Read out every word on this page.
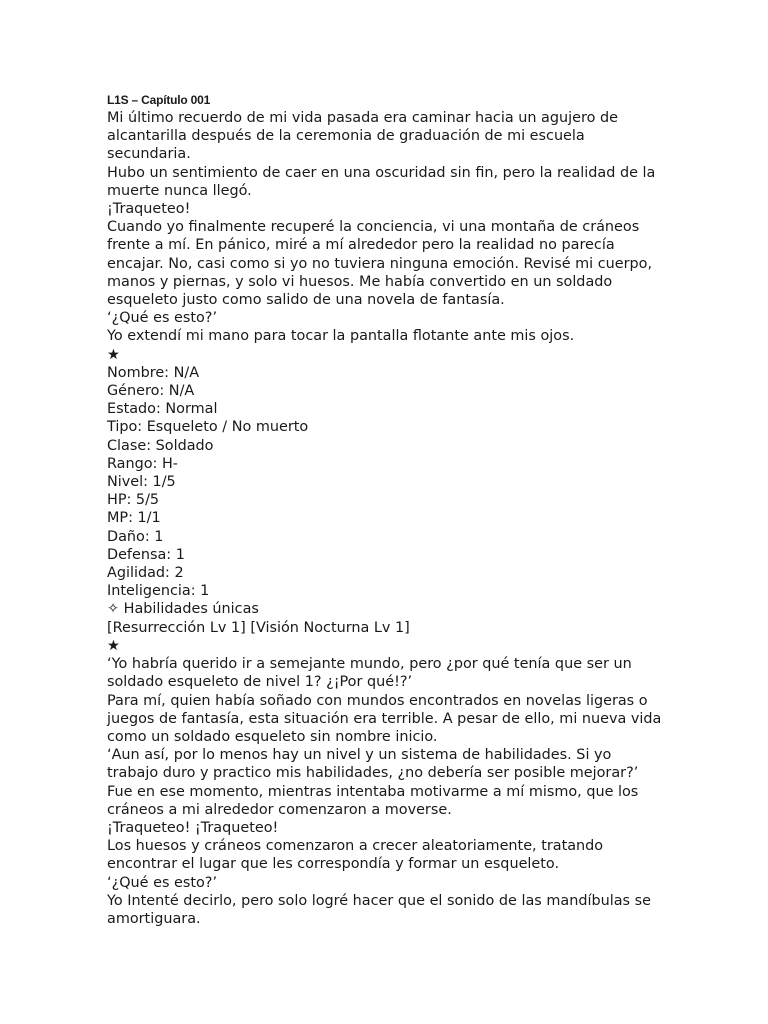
L1S – Capítulo 001

Mi último recuerdo de mi vida pasada era caminar hacia un agujero de alcantarilla después de la ceremonia de graduación de mi escuela secundaria.

Hubo un sentimiento de caer en una oscuridad sin fin, pero la realidad de la muerte nunca llegó.

¡Traqueteo!

Cuando yo finalmente recuperé la conciencia, vi una montaña de cráneos frente a mí. En pánico, miré a mí alrededor pero la realidad no parecía encajar. No, casi como si yo no tuviera ninguna emoción. Revisé mi cuerpo, manos y piernas, y solo vi huesos. Me había convertido en un soldado esqueleto justo como salido de una novela de fantasía.

‘¿Qué es esto?’

Yo extendí mi mano para tocar la pantalla flotante ante mis ojos.

★

Nombre: N/A

Género: N/A

Estado: Normal

Tipo: Esqueleto / No muerto

Clase: Soldado

Rango: H-

Nivel: 1/5

HP: 5/5

MP: 1/1

Daño: 1

Defensa: 1

Agilidad: 2

Inteligencia: 1

✧ Habilidades únicas

[Resurrección Lv 1] [Visión Nocturna Lv 1]

★

‘Yo habría querido ir a semejante mundo, pero ¿por qué tenía que ser un soldado esqueleto de nivel 1? ¿¡Por qué!?’

Para mí, quien había soñado con mundos encontrados en novelas ligeras o juegos de fantasía, esta situación era terrible. A pesar de ello, mi nueva vida como un soldado esqueleto sin nombre inicio.

‘Aun así, por lo menos hay un nivel y un sistema de habilidades. Si yo trabajo duro y practico mis habilidades, ¿no debería ser posible mejorar?’

Fue en ese momento, mientras intentaba motivarme a mí mismo, que los cráneos a mi alrededor comenzaron a moverse.

¡Traqueteo! ¡Traqueteo!

Los huesos y cráneos comenzaron a crecer aleatoriamente, tratando encontrar el lugar que les correspondía y formar un esqueleto.

‘¿Qué es esto?’

Yo Intenté decirlo, pero solo logré hacer que el sonido de las mandíbulas se amortiguara.
